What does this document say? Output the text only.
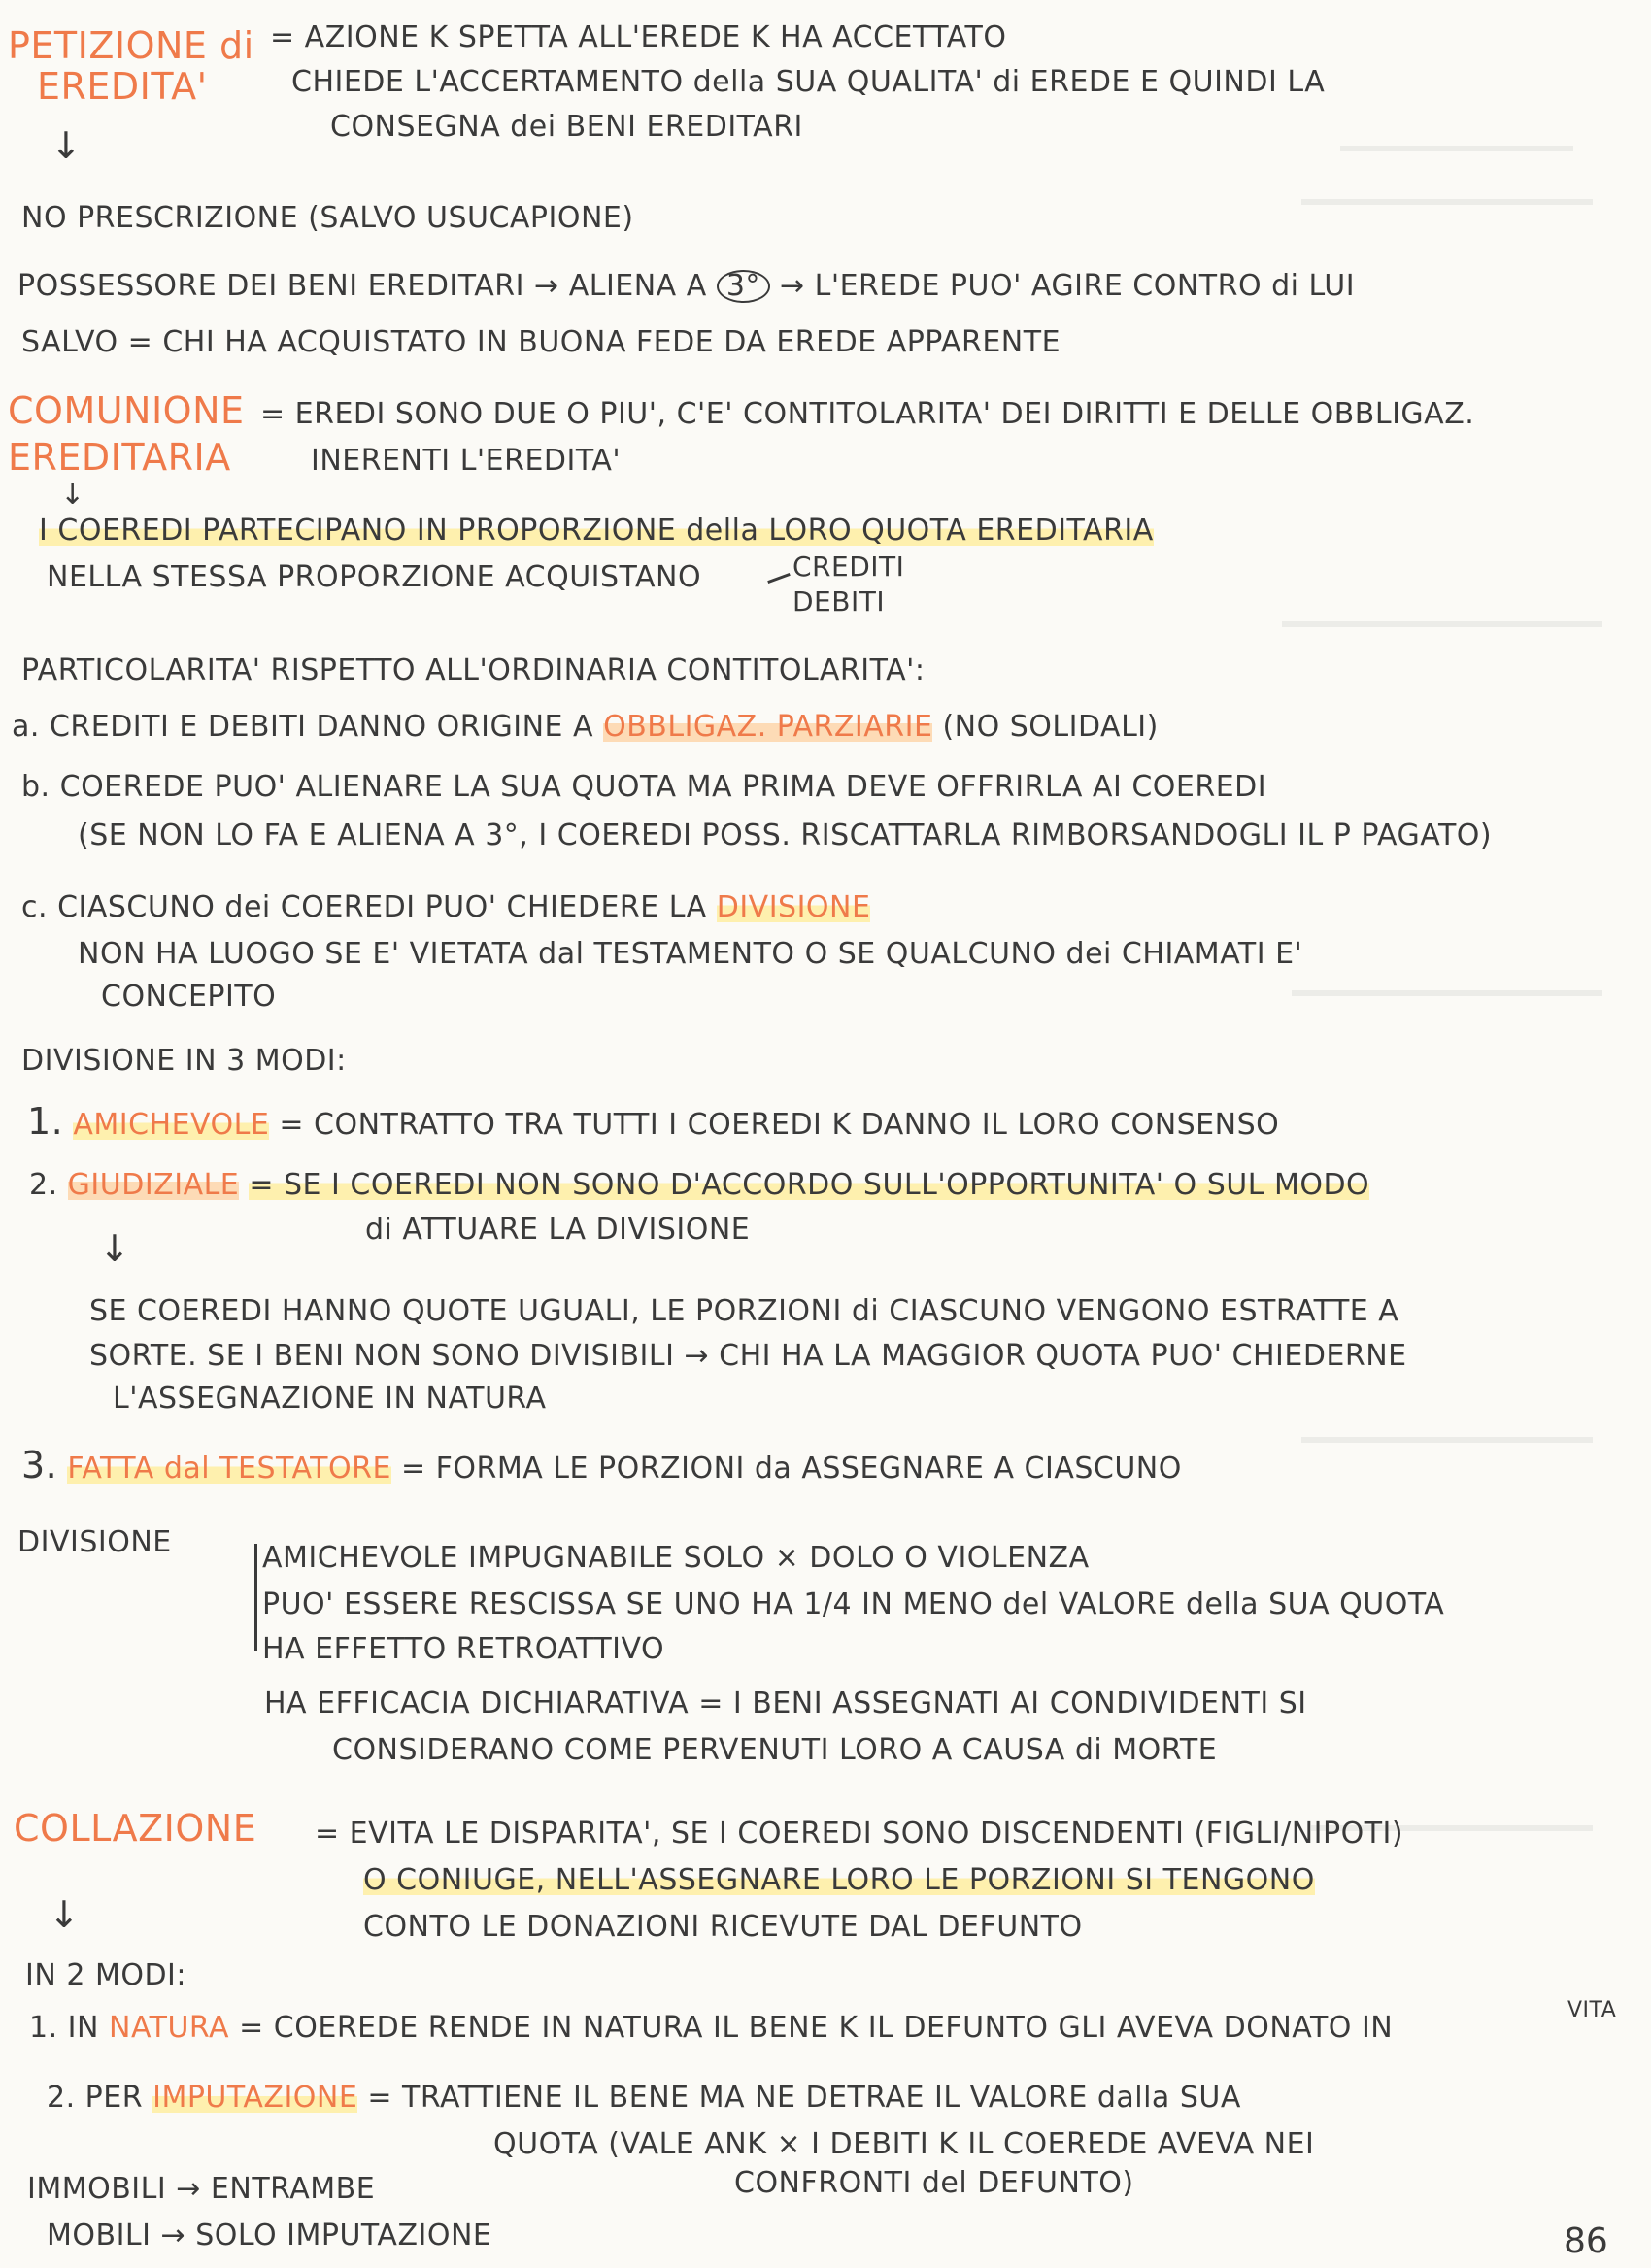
PETIZIONE di
EREDITA'
= AZIONE K SPETTA ALL'EREDE K HA ACCETTATO
CHIEDE L'ACCERTAMENTO della SUA QUALITA' di EREDE E QUINDI LA
CONSEGNA dei BENI EREDITARI
↓
NO PRESCRIZIONE (SALVO USUCAPIONE)
POSSESSORE DEI BENI EREDITARI → ALIENA A 3° → L'EREDE PUO' AGIRE CONTRO di LUI
SALVO = CHI HA ACQUISTATO IN BUONA FEDE DA EREDE APPARENTE
COMUNIONE
EREDITARIA
= EREDI SONO DUE O PIU', C'E' CONTITOLARITA' DEI DIRITTI E DELLE OBBLIGAZ.
INERENTI L'EREDITA'
↓
I COEREDI PARTECIPANO IN PROPORZIONE della LORO QUOTA EREDITARIA
NELLA STESSA PROPORZIONE ACQUISTANO	CREDITI
DEBITI
PARTICOLARITA' RISPETTO ALL'ORDINARIA CONTITOLARITA':
a. CREDITI E DEBITI DANNO ORIGINE A OBBLIGAZ. PARZIARIE (NO SOLIDALI)
b. COEREDE PUO' ALIENARE LA SUA QUOTA MA PRIMA DEVE OFFRIRLA AI COEREDI
(SE NON LO FA E ALIENA A 3°, I COEREDI POSS. RISCATTARLA RIMBORSANDOGLI IL P PAGATO)
c. CIASCUNO dei COEREDI PUO' CHIEDERE LA DIVISIONE
NON HA LUOGO SE E' VIETATA dal TESTAMENTO O SE QUALCUNO dei CHIAMATI E'
CONCEPITO
DIVISIONE IN 3 MODI:
1. AMICHEVOLE = CONTRATTO TRA TUTTI I COEREDI K DANNO IL LORO CONSENSO
2. GIUDIZIALE = SE I COEREDI NON SONO D'ACCORDO SULL'OPPORTUNITA' O SUL MODO
di ATTUARE LA DIVISIONE
↓
SE COEREDI HANNO QUOTE UGUALI, LE PORZIONI di CIASCUNO VENGONO ESTRATTE A
SORTE. SE I BENI NON SONO DIVISIBILI → CHI HA LA MAGGIOR QUOTA PUO' CHIEDERNE
L'ASSEGNAZIONE IN NATURA
3. FATTA dal TESTATORE = FORMA LE PORZIONI da ASSEGNARE A CIASCUNO
DIVISIONE	AMICHEVOLE IMPUGNABILE SOLO × DOLO O VIOLENZA
PUO' ESSERE RESCISSA SE UNO HA 1/4 IN MENO del VALORE della SUA QUOTA
HA EFFETTO RETROATTIVO
HA EFFICACIA DICHIARATIVA = I BENI ASSEGNATI AI CONDIVIDENTI SI
CONSIDERANO COME PERVENUTI LORO A CAUSA di MORTE
COLLAZIONE = EVITA LE DISPARITA', SE I COEREDI SONO DISCENDENTI (FIGLI/NIPOTI)
O CONIUGE, NELL'ASSEGNARE LORO LE PORZIONI SI TENGONO
CONTO LE DONAZIONI RICEVUTE DAL DEFUNTO
↓
IN 2 MODI:
1. IN NATURA = COEREDE RENDE IN NATURA IL BENE K IL DEFUNTO GLI AVEVA DONATO IN
VITA
2. PER IMPUTAZIONE = TRATTIENE IL BENE MA NE DETRAE IL VALORE dalla SUA
QUOTA (VALE ANK × I DEBITI K IL COEREDE AVEVA NEI
CONFRONTI del DEFUNTO)
IMMOBILI → ENTRAMBE
MOBILI → SOLO IMPUTAZIONE	86
